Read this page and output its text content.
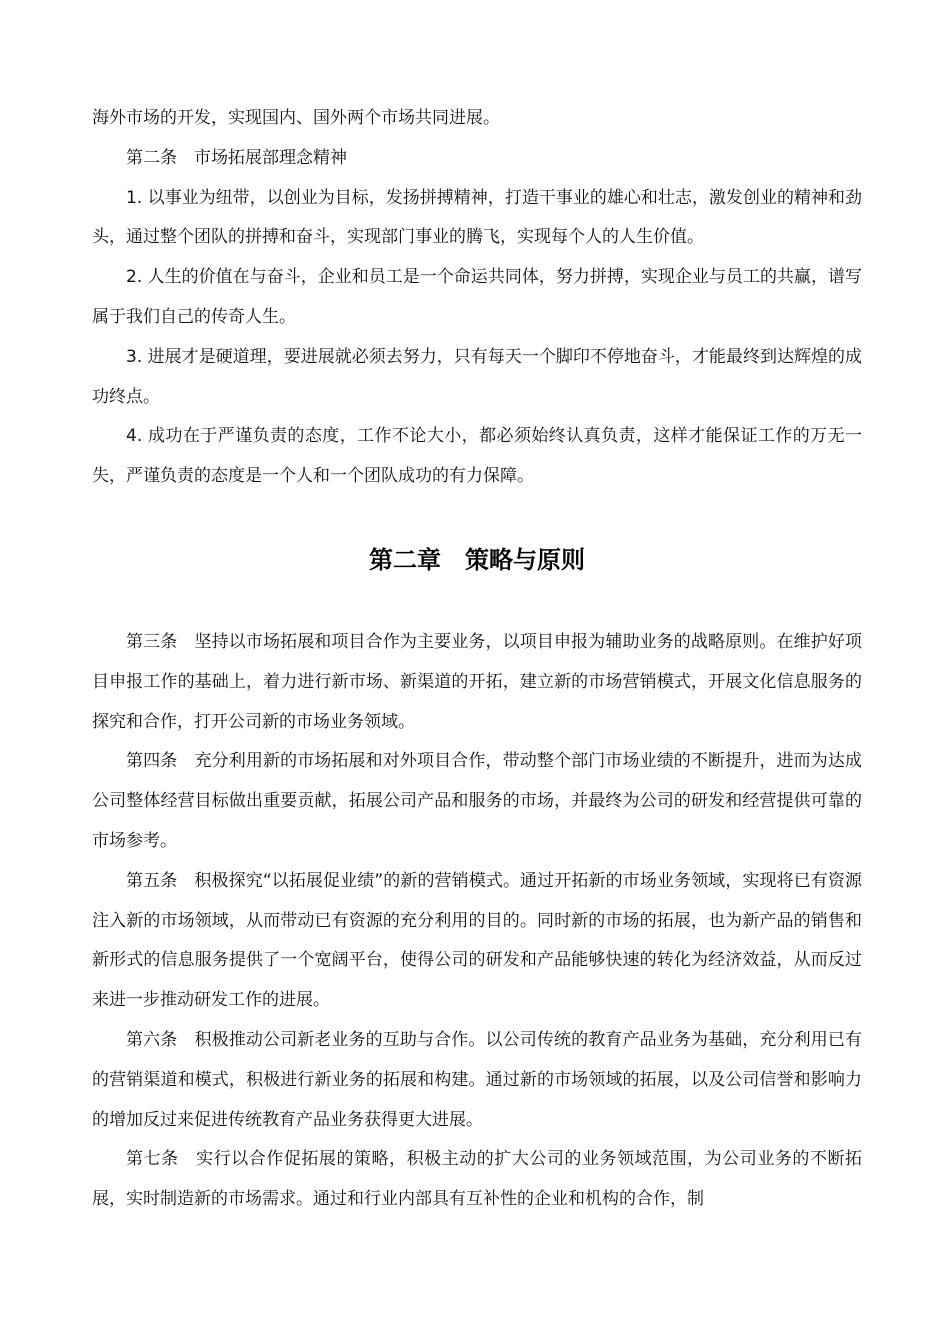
海外市场的开发，实现国内、国外两个市场共同进展。

第二条 市场拓展部理念精神

1. 以事业为纽带，以创业为目标，发扬拼搏精神，打造干事业的雄心和壮志，激发创业的精神和劲头，通过整个团队的拼搏和奋斗，实现部门事业的腾飞，实现每个人的人生价值。

2. 人生的价值在与奋斗，企业和员工是一个命运共同体，努力拼搏，实现企业与员工的共赢，谱写属于我们自己的传奇人生。

3. 进展才是硬道理，要进展就必须去努力，只有每天一个脚印不停地奋斗，才能最终到达辉煌的成功终点。

4. 成功在于严谨负责的态度，工作不论大小，都必须始终认真负责，这样才能保证工作的万无一失，严谨负责的态度是一个人和一个团队成功的有力保障。

第二章 策略与原则

第三条 坚持以市场拓展和项目合作为主要业务，以项目申报为辅助业务的战略原则。在维护好项目申报工作的基础上，着力进行新市场、新渠道的开拓，建立新的市场营销模式，开展文化信息服务的探究和合作，打开公司新的市场业务领域。

第四条 充分利用新的市场拓展和对外项目合作，带动整个部门市场业绩的不断提升，进而为达成公司整体经营目标做出重要贡献，拓展公司产品和服务的市场，并最终为公司的研发和经营提供可靠的市场参考。

第五条 积极探究“以拓展促业绩”的新的营销模式。通过开拓新的市场业务领域，实现将已有资源注入新的市场领域，从而带动已有资源的充分利用的目的。同时新的市场的拓展，也为新产品的销售和新形式的信息服务提供了一个宽阔平台，使得公司的研发和产品能够快速的转化为经济效益，从而反过来进一步推动研发工作的进展。

第六条 积极推动公司新老业务的互助与合作。以公司传统的教育产品业务为基础，充分利用已有的营销渠道和模式，积极进行新业务的拓展和构建。通过新的市场领域的拓展，以及公司信誉和影响力的增加反过来促进传统教育产品业务获得更大进展。

第七条 实行以合作促拓展的策略，积极主动的扩大公司的业务领域范围，为公司业务的不断拓展，实时制造新的市场需求。通过和行业内部具有互补性的企业和机构的合作，制
